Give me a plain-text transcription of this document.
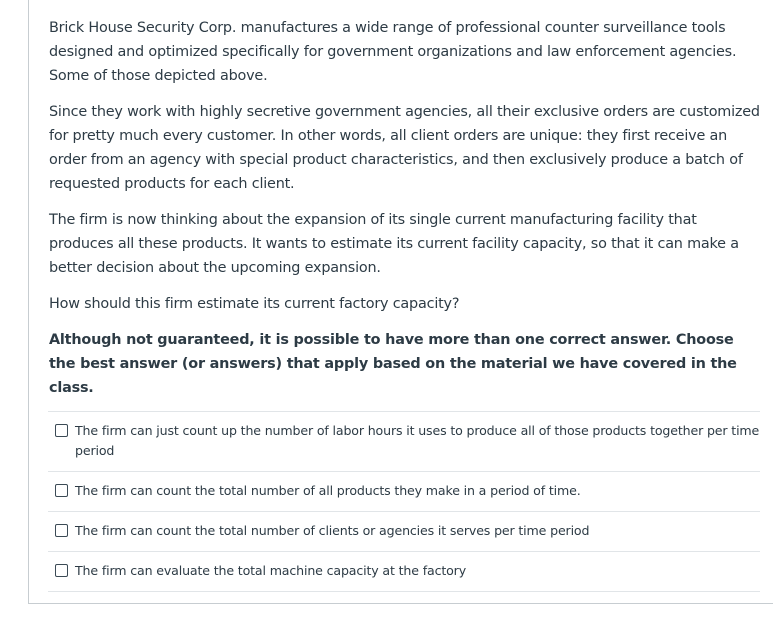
Brick House Security Corp. manufactures a wide range of professional counter surveillance tools designed and optimized specifically for government organizations and law enforcement agencies. Some of those depicted above.

Since they work with highly secretive government agencies, all their exclusive orders are customized for pretty much every customer. In other words, all client orders are unique: they first receive an order from an agency with special product characteristics, and then exclusively produce a batch of requested products for each client.

The firm is now thinking about the expansion of its single current manufacturing facility that produces all these products. It wants to estimate its current facility capacity, so that it can make a better decision about the upcoming expansion.

How should this firm estimate its current factory capacity?

Although not guaranteed, it is possible to have more than one correct answer. Choose the best answer (or answers) that apply based on the material we have covered in the class.

The firm can just count up the number of labor hours it uses to produce all of those products together per time period
The firm can count the total number of all products they make in a period of time.
The firm can count the total number of clients or agencies it serves per time period
The firm can evaluate the total machine capacity at the factory
